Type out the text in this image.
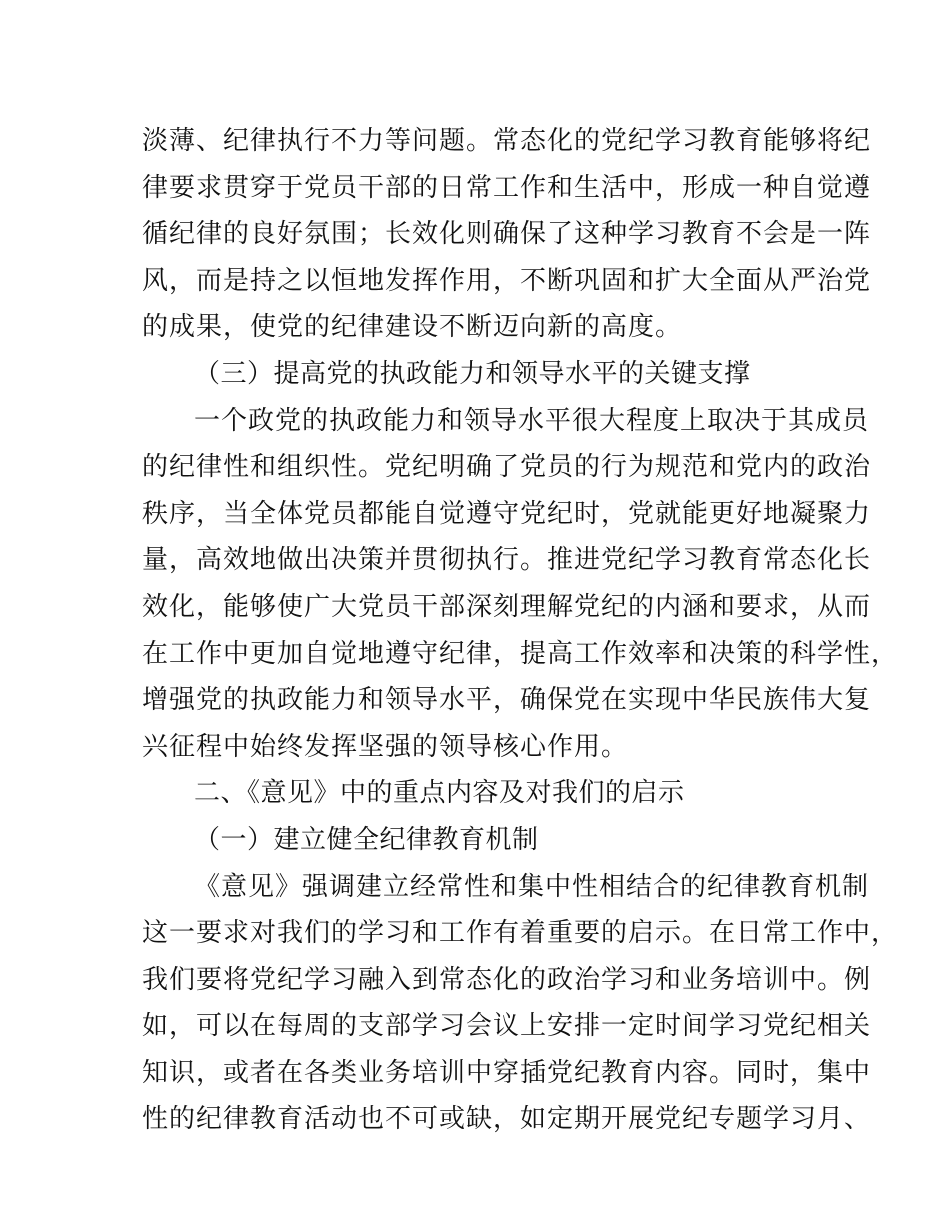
淡薄、纪律执行不力等问题。常态化的党纪学习教育能够将纪
律要求贯穿于党员干部的日常工作和生活中，形成一种自觉遵
循纪律的良好氛围；长效化则确保了这种学习教育不会是一阵
风，而是持之以恒地发挥作用，不断巩固和扩大全面从严治党
的成果，使党的纪律建设不断迈向新的高度。
（三）提高党的执政能力和领导水平的关键支撑
一个政党的执政能力和领导水平很大程度上取决于其成员
的纪律性和组织性。党纪明确了党员的行为规范和党内的政治
秩序，当全体党员都能自觉遵守党纪时，党就能更好地凝聚力
量，高效地做出决策并贯彻执行。推进党纪学习教育常态化长
效化，能够使广大党员干部深刻理解党纪的内涵和要求，从而
在工作中更加自觉地遵守纪律，提高工作效率和决策的科学性，
增强党的执政能力和领导水平，确保党在实现中华民族伟大复
兴征程中始终发挥坚强的领导核心作用。
二、《意见》中的重点内容及对我们的启示
（一）建立健全纪律教育机制
《意见》强调建立经常性和集中性相结合的纪律教育机制
这一要求对我们的学习和工作有着重要的启示。在日常工作中，
我们要将党纪学习融入到常态化的政治学习和业务培训中。例
如，可以在每周的支部学习会议上安排一定时间学习党纪相关
知识，或者在各类业务培训中穿插党纪教育内容。同时，集中
性的纪律教育活动也不可或缺，如定期开展党纪专题学习月、
